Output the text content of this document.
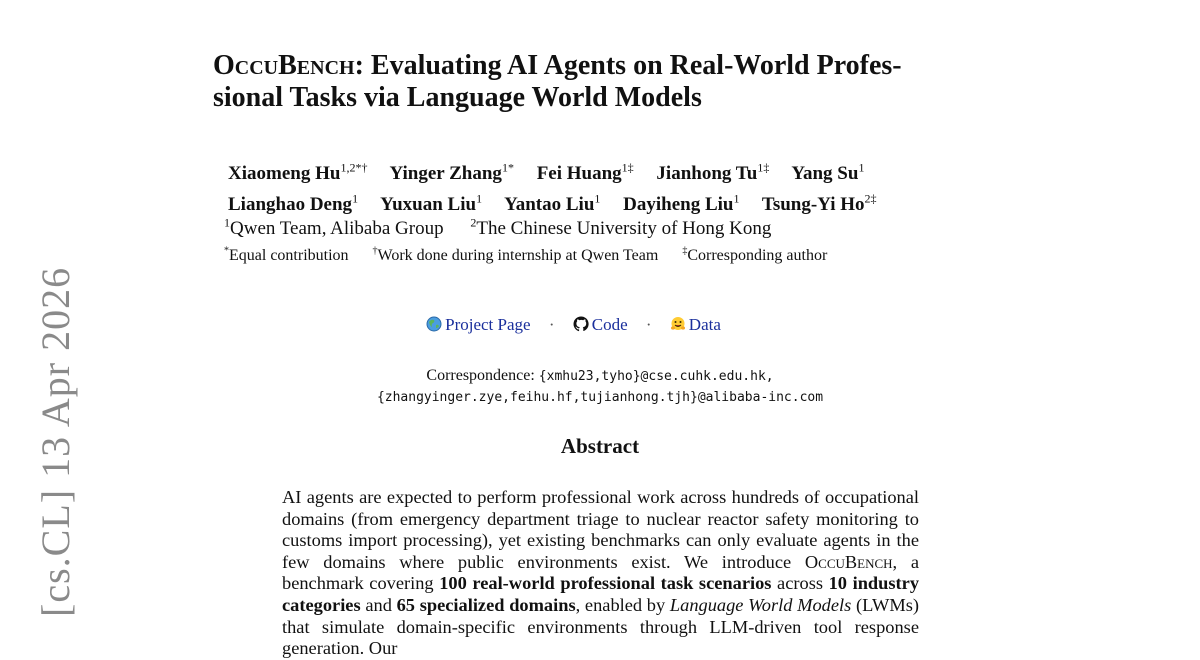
[cs.CL] 13 Apr 2026
OccuBench: Evaluating AI Agents on Real-World Profes-
sional Tasks via Language World Models
Xiaomeng $Hu^{1,2*\dagger}$ Yinger Zhang$^{1*}$ Fei Huang$^{1\ddagger}$ Jianhong $Tu^{1\ddagger}$ Yang Su$^1$
Lianghao Deng$^1$ Yuxuan Liu$^1$ Yantao Liu$^1$ Dayiheng Liu$^1$ Tsung-Yi $Ho^{2\ddagger}$
$^1$Qwen Team, Alibaba Group $^2$The Chinese University of Hong Kong
*Equal contribution †Work done during internship at Qwen Team ‡Corresponding author
Project Page · Code · Data
Correspondence: {xmhu23,tyho}@cse.cuhk.edu.hk,
{zhangyinger.zye,feihu.hf,tujianhong.tjh}@alibaba-inc.com
Abstract
AI agents are expected to perform professional work across hundreds of occupational domains (from emergency department triage to nuclear reactor safety monitoring to customs import processing), yet existing benchmarks can only evaluate agents in the few domains where public environments exist. We introduce OccuBench, a benchmark covering 100 real-world professional task scenarios across 10 industry categories and 65 specialized domains, enabled by Language World Models (LWMs) that simulate domain-specific environments through LLM-driven tool response generation. Our
